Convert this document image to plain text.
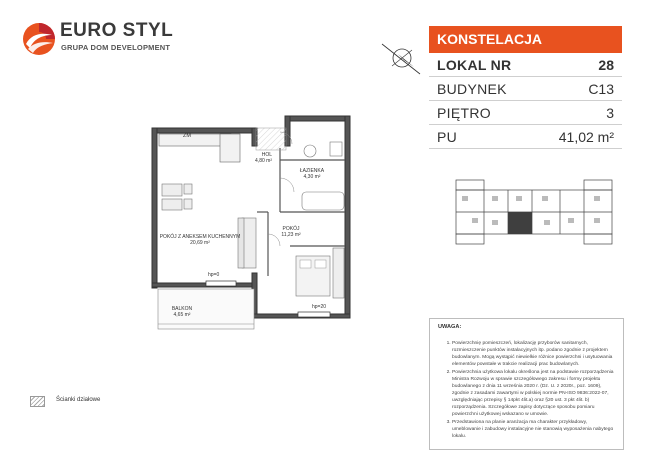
EURO STYL
GRUPA DOM DEVELOPMENT
KONSTELACJA
LOKAL NR	28
BUDYNEK	C13
PIĘTRO	3
PU	41,02 m²
ZM
HOL
4,80 m²
ŁAZIENKA
4,30 m²
POKÓJ Z ANEKSEM KUCHENNYM
20,69 m²
POKÓJ
11,23 m²
hp=0
BALKON
4,65 m²
hp=20
UWAGA:
1. Powierzchnię pomieszczeń, lokalizację przyborów sanitarnych, rozmieszczenie punktów instalacyjnych itp. podano zgodnie z projektem budowlanym. Mogą wystąpić niewielkie różnice powierzchni i usytuowania elementów powstałe w trakcie realizacji prac budowlanych.
2. Powierzchnia użytkowa lokalu określona jest na podstawie rozporządzenia Ministra Rozwoju w sprawie szczegółowego zakresu i formy projektu budowlanego z dnia 11 września 2020 r. (Dz. U. z 2020r., poz. 1609), zgodnie z zasadami zawartymi w polskiej normie PN-ISO 9836:2022-07, uwzględniając przepisy § 14pkt 4lit.a) oraz §20 ust. 3 pkt 4lit. b) rozporządzenia. Szczegółowe zapisy dotyczące sposobu pomiaru powierzchni użytkowej wskazano w umowie.
3. Przedstawiona na planie aranżacja ma charakter przykładowy, umeblowanie i zabudowy instalacyjne nie stanowią wyposażenia nabytego lokalu.
Ścianki działowe
